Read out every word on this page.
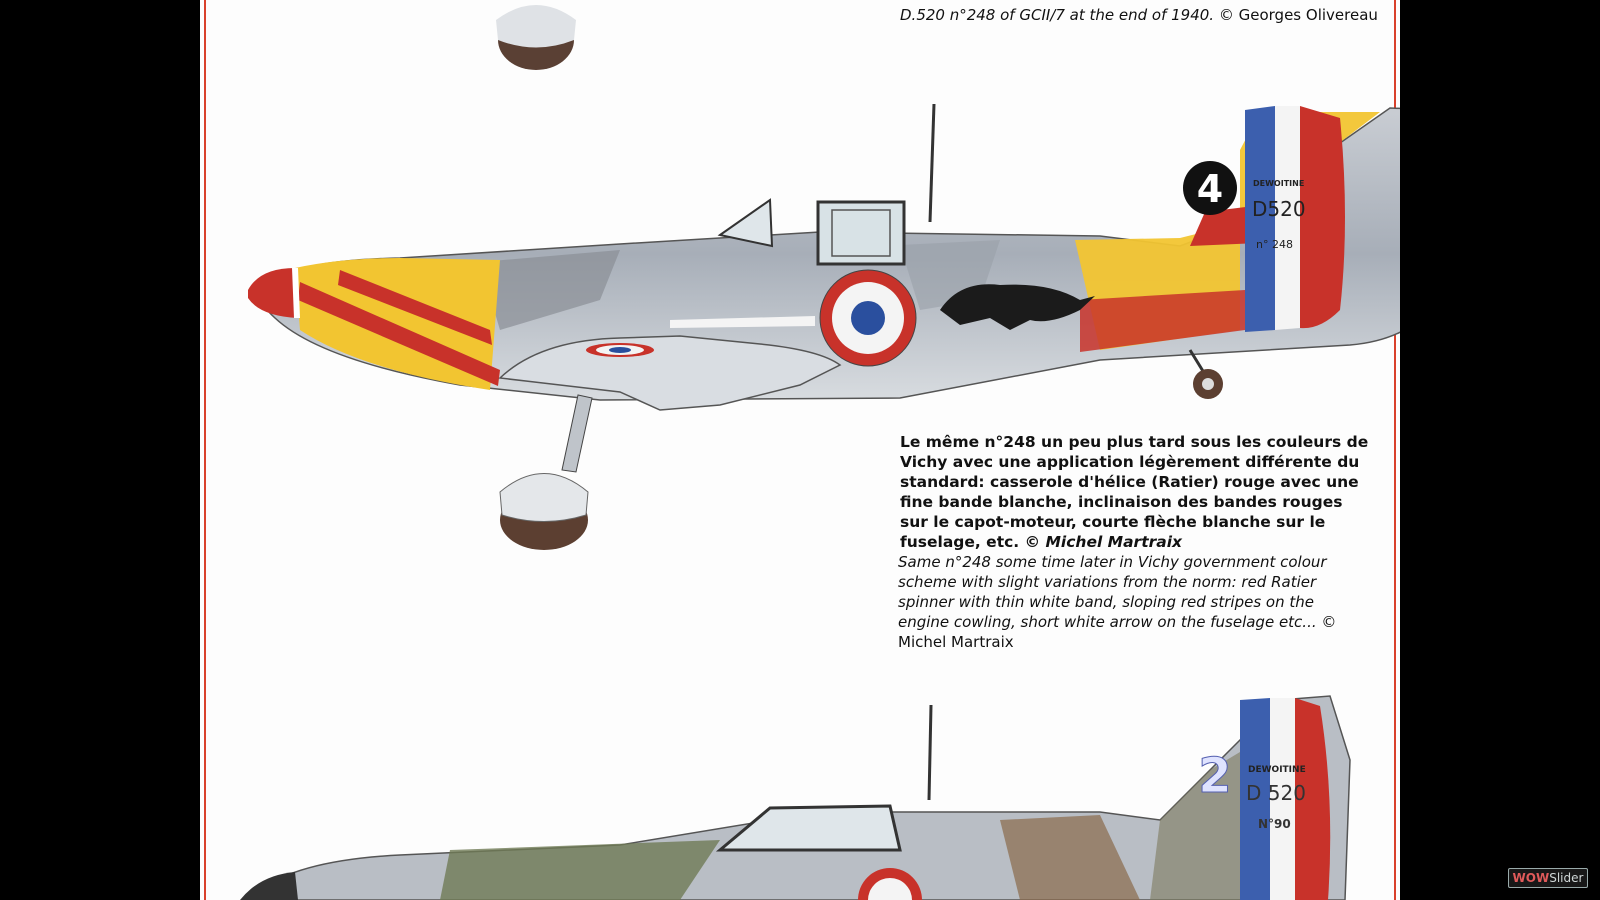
4	DEWOITINE
D520
n° 248
2 DEWOITINE
D 520
N°90
D.520 n°248 of GCII/7 at the end of 1940. © Georges Olivereau
Le même n°248 un peu plus tard sous les couleurs de Vichy avec une application légèrement différente du standard: casserole d'hélice (Ratier) rouge avec une fine bande blanche, inclinaison des bandes rouges sur le capot-moteur, courte flèche blanche sur le fuselage, etc. © Michel Martraix
Same n°248 some time later in Vichy government colour scheme with slight variations from the norm: red Ratier spinner with thin white band, sloping red stripes on the engine cowling, short white arrow on the fuselage etc... © Michel Martraix
WOWSlider
